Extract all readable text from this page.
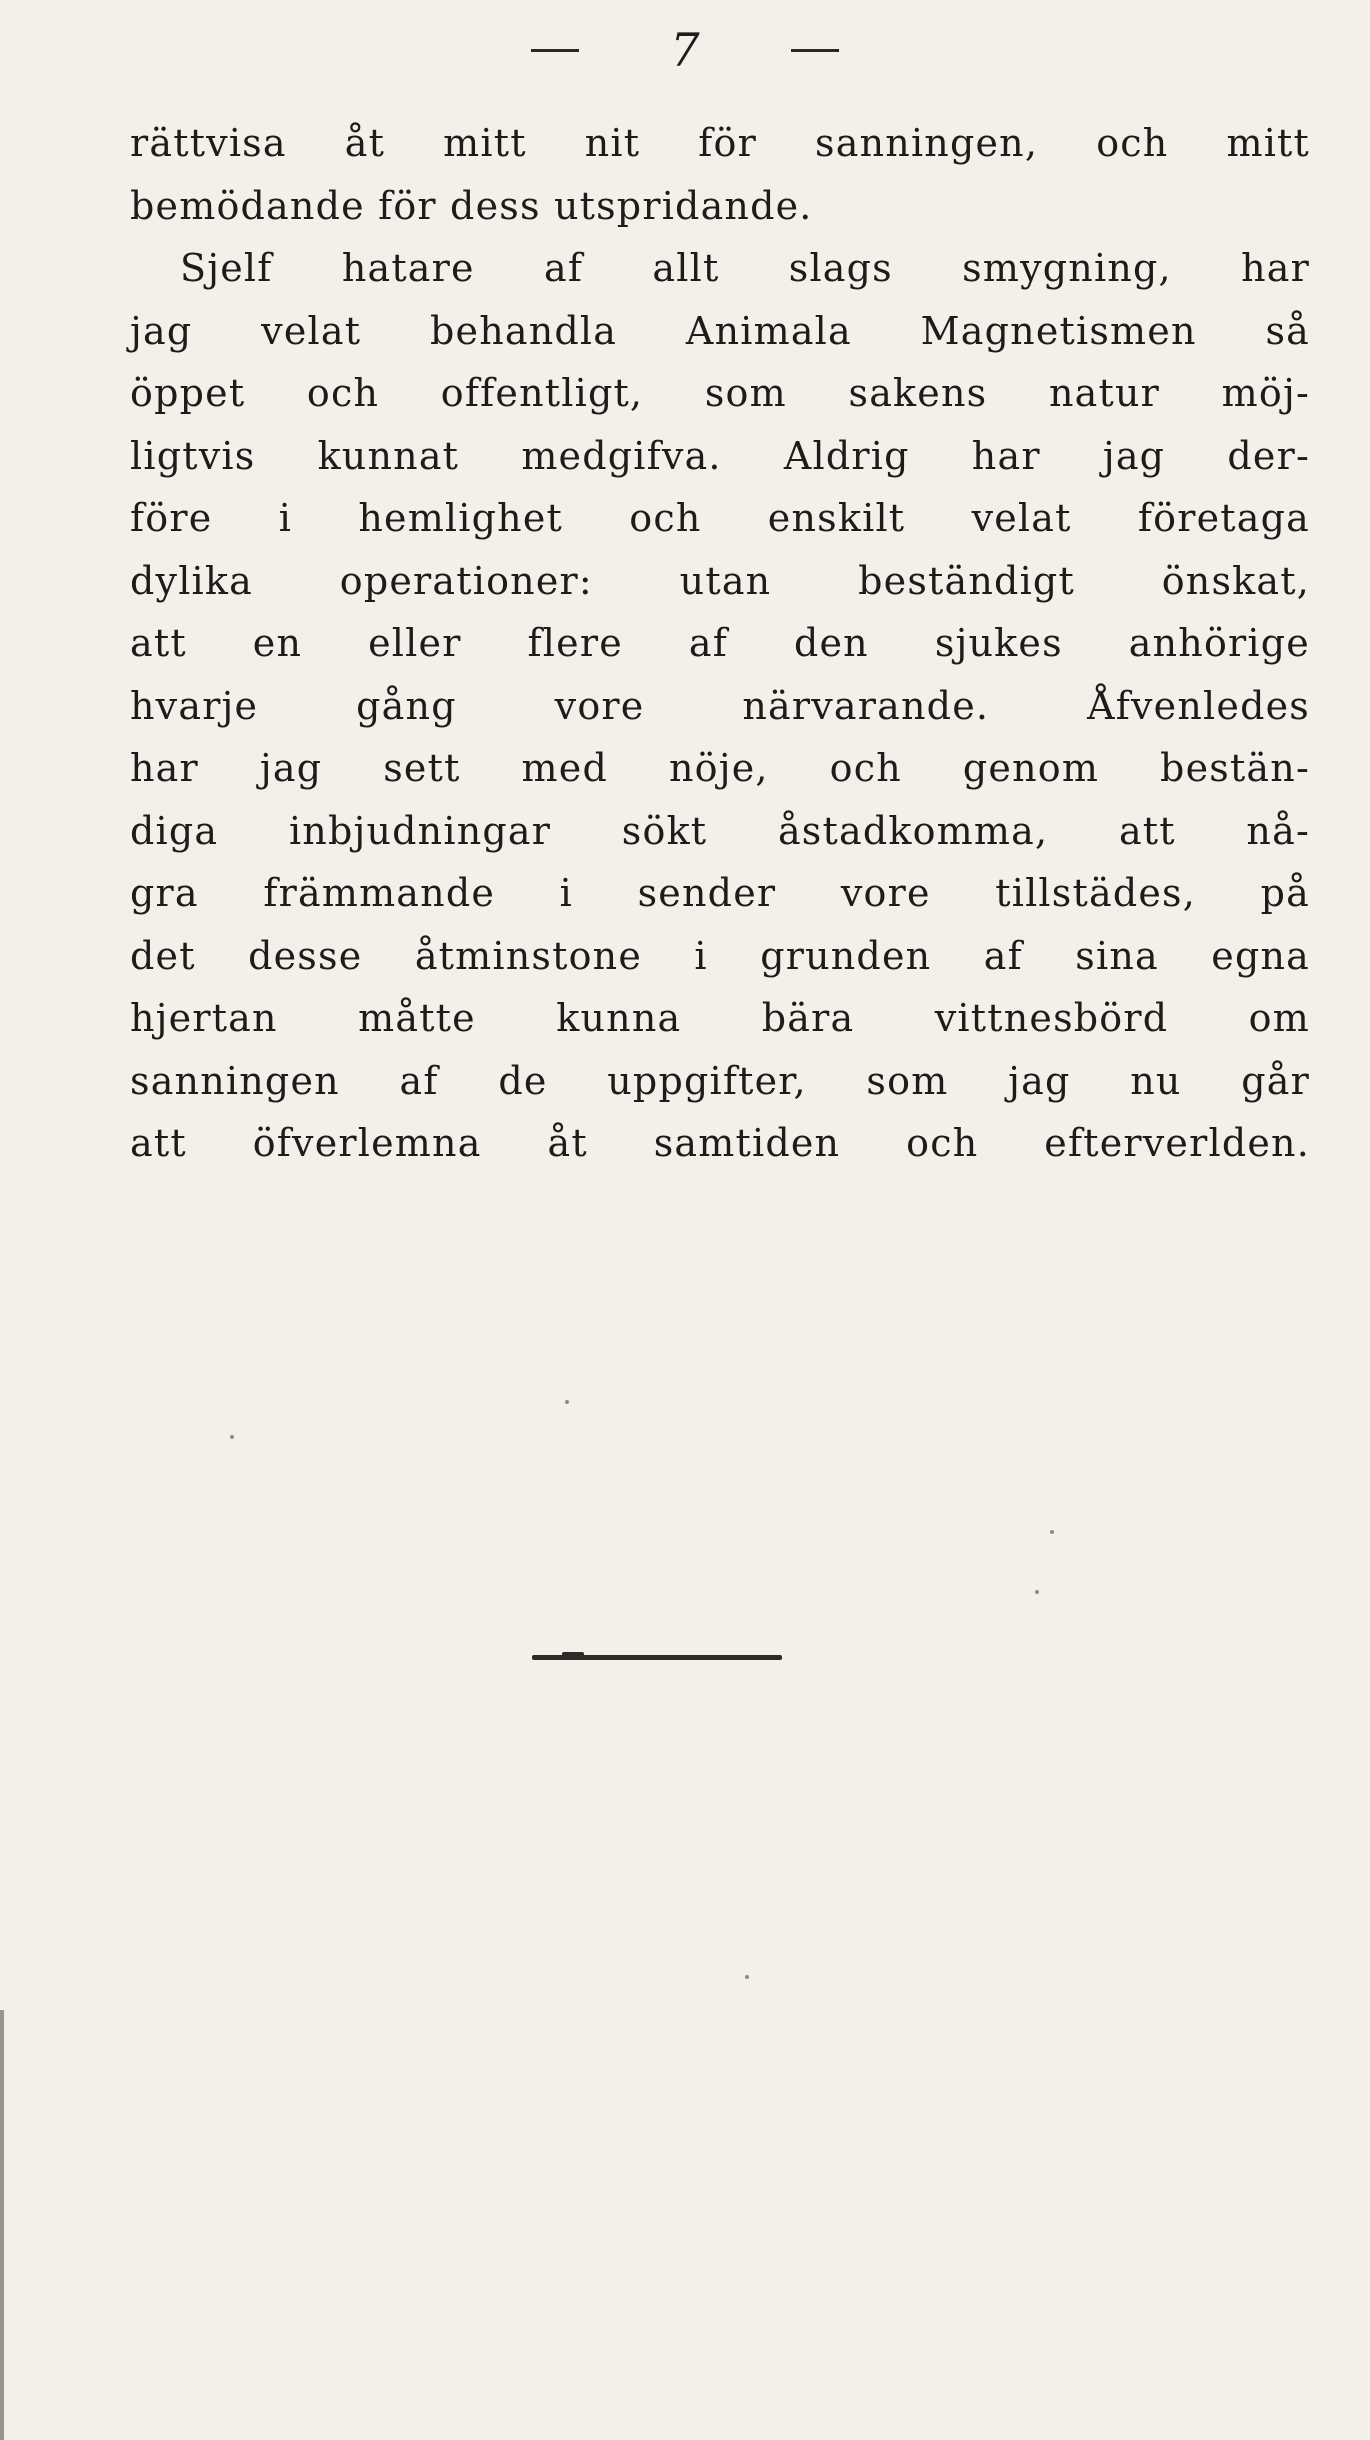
7
rättvisa åt mitt nit för sanningen, och mitt
bemödande för dess utspridande.
Sjelf hatare af allt slags smygning, har
jag velat behandla Animala Magnetismen så
öppet och offentligt, som sakens natur möj-
ligtvis kunnat medgifva. Aldrig har jag der-
före i hemlighet och enskilt velat företaga
dylika operationer: utan beständigt önskat,
att en eller flere af den sjukes anhörige
hvarje gång vore närvarande. Åfvenledes
har jag sett med nöje, och genom bestän-
diga inbjudningar sökt åstadkomma, att nå-
gra främmande i sender vore tillstädes, på
det desse åtminstone i grunden af sina egna
hjertan måtte kunna bära vittnesbörd om
sanningen af de uppgifter, som jag nu går
att öfverlemna åt samtiden och efterverlden.
